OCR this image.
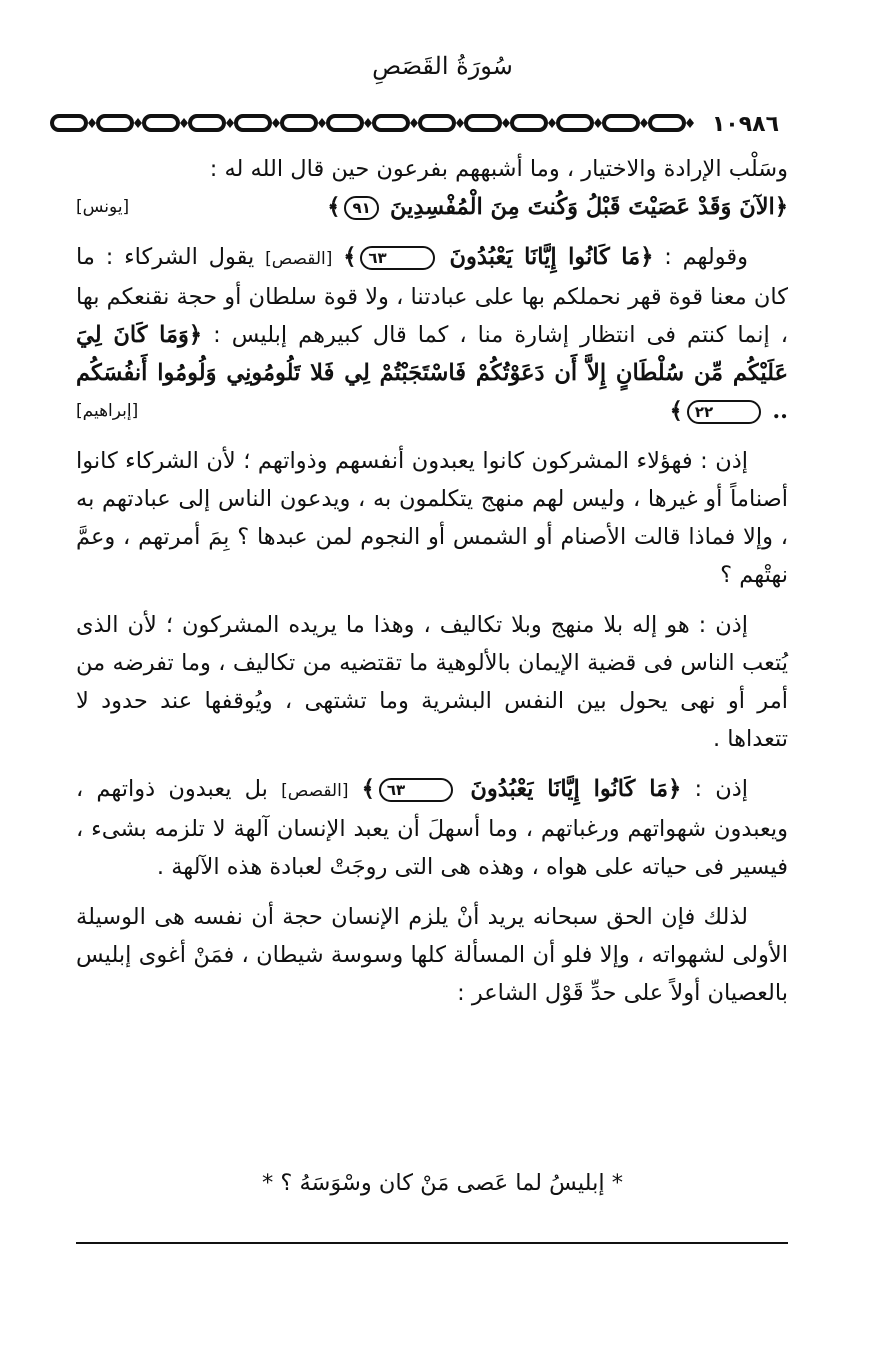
سُورَةُ القَصَصِ
١٠٩٨٦

وسَلْب الإرادة والاختيار ، وما أشبههم بفرعون حين قال الله له :
﴿الآنَ وَقَدْ عَصَيْتَ قَبْلُ وَكُنتَ مِنَ الْمُفْسِدِينَ ٩١﴾
[يونس]

وقولهم : ﴿مَا كَانُوا إِيَّانَا يَعْبُدُونَ ٦٣﴾ [القصص] يقول الشركاء : ما كان معنا قوة قهر نحملكم بها على عبادتنا ، ولا قوة سلطان أو حجة نقنعكم بها ، إنما كنتم فى انتظار إشارة منا ، كما قال كبيرهم إبليس : ﴿وَمَا كَانَ لِيَ عَلَيْكُم مِّن سُلْطَانٍ إِلاَّ أَن دَعَوْتُكُمْ فَاسْتَجَبْتُمْ لِي فَلا تَلُومُونِي وَلُومُوا أَنفُسَكُم .. ٢٢﴾
[إبراهيم]

إذن : فهؤلاء المشركون كانوا يعبدون أنفسهم وذواتهم ؛ لأن الشركاء كانوا أصناماً أو غيرها ، وليس لهم منهج يتكلمون به ، ويدعون الناس إلى عبادتهم به ، وإلا فماذا قالت الأصنام أو الشمس أو النجوم لمن عبدها ؟ بِمَ أمرتهم ، وعمَّ نهتْهم ؟

إذن : هو إله بلا منهج وبلا تكاليف ، وهذا ما يريده المشركون ؛ لأن الذى يُتعب الناس فى قضية الإيمان بالألوهية ما تقتضيه من تكاليف ، وما تفرضه من أمر أو نهى يحول بين النفس البشرية وما تشتهى ، ويُوقفها عند حدود لا تتعداها .

إذن : ﴿مَا كَانُوا إِيَّانَا يَعْبُدُونَ ٦٣﴾ [القصص] بل يعبدون ذواتهم ، ويعبدون شهواتهم ورغباتهم ، وما أسهلَ أن يعبد الإنسان آلهة لا تلزمه بشىء ، فيسير فى حياته على هواه ، وهذه هى التى روجَتْ لعبادة هذه الآلهة .

لذلك فإن الحق سبحانه يريد أنْ يلزم الإنسان حجة أن نفسه هى الوسيلة الأولى لشهواته ، وإلا فلو أن المسألة كلها وسوسة شيطان ، فمَنْ أغوى إبليس بالعصيان أولاً على حدِّ قَوْل الشاعر :

* إبليسُ لما عَصى مَنْ كان وسْوَسَهُ ؟ *
